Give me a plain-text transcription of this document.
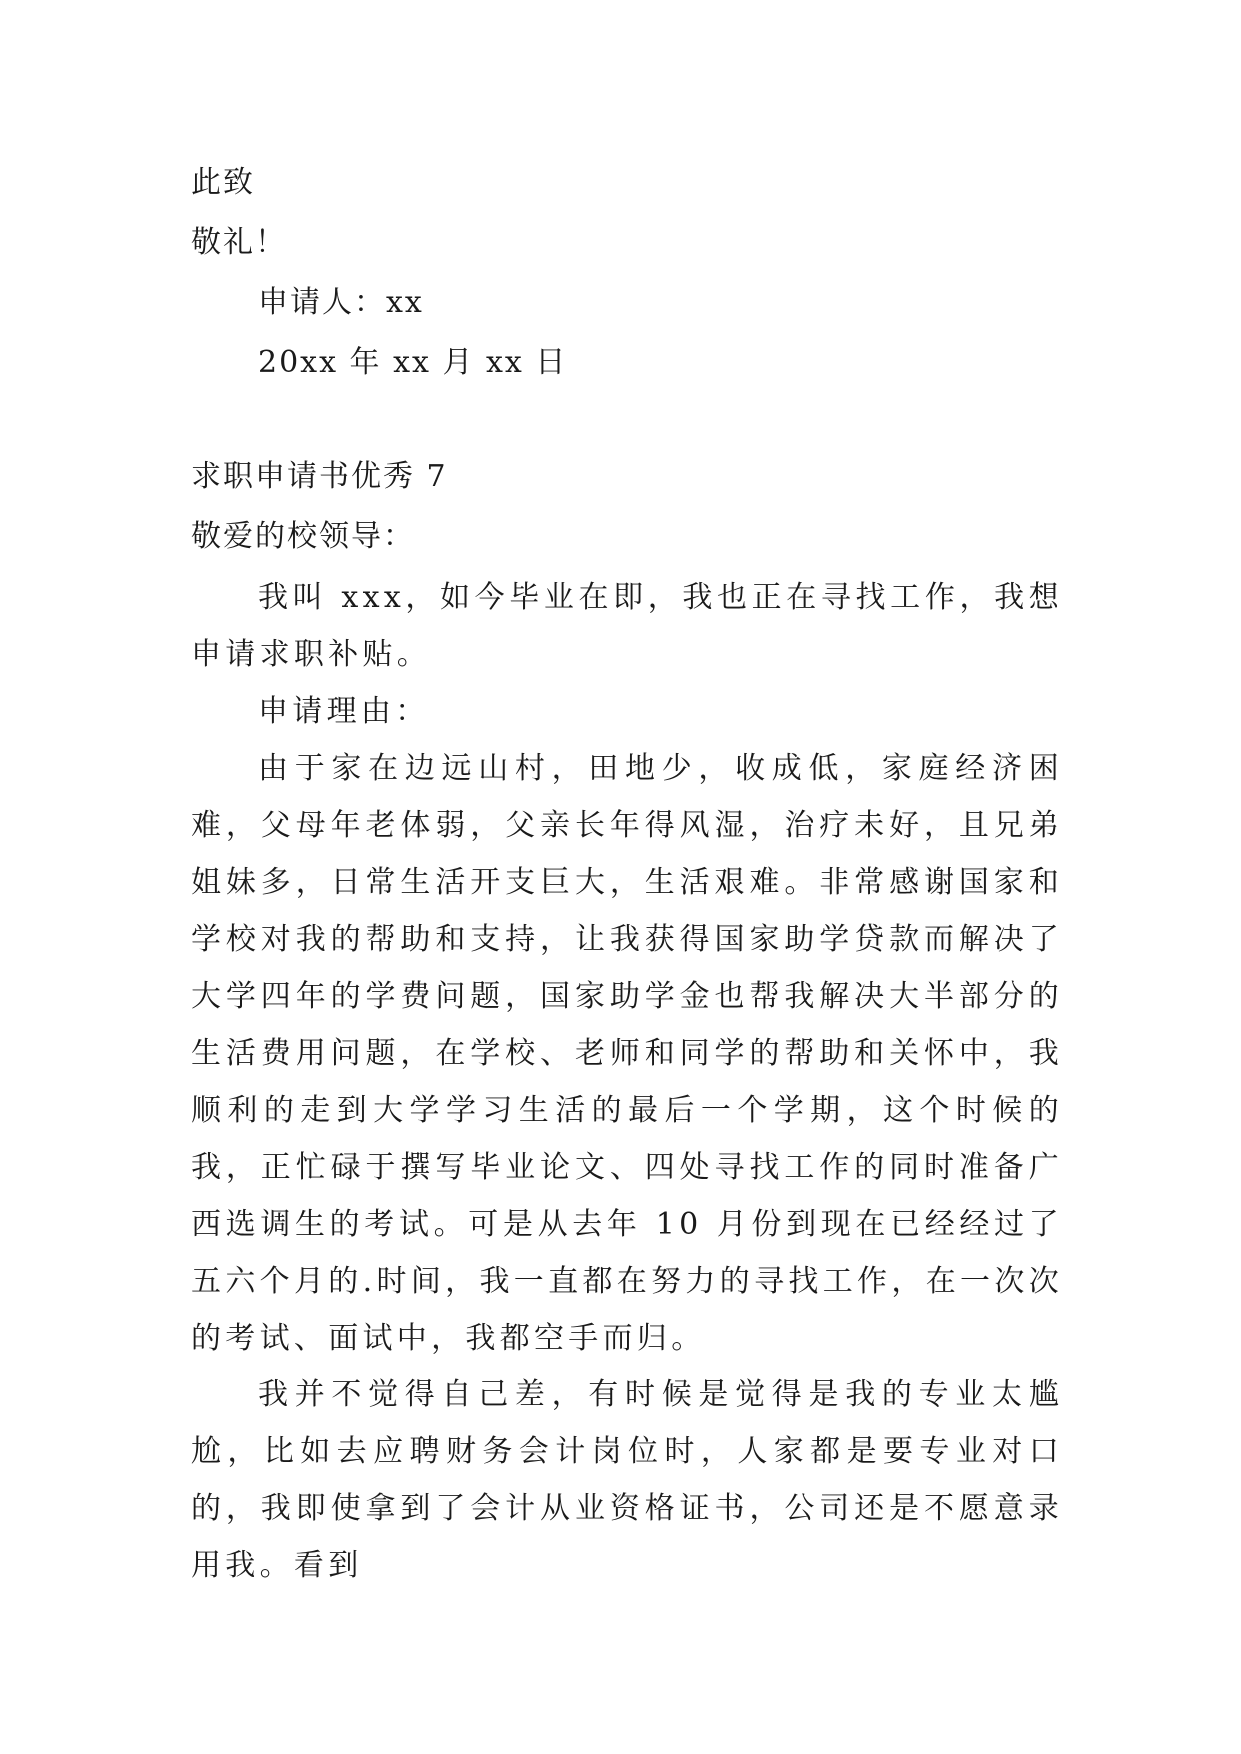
此致
敬礼！
申请人：xx
20xx 年 xx 月 xx 日
求职申请书优秀 7
敬爱的校领导：

我叫 xxx，如今毕业在即，我也正在寻找工作，我想申请求职补贴。

申请理由：

由于家在边远山村，田地少，收成低，家庭经济困难，父母年老体弱，父亲长年得风湿，治疗未好，且兄弟姐妹多，日常生活开支巨大，生活艰难。非常感谢国家和学校对我的帮助和支持，让我获得国家助学贷款而解决了大学四年的学费问题，国家助学金也帮我解决大半部分的生活费用问题，在学校、老师和同学的帮助和关怀中，我顺利的走到大学学习生活的最后一个学期，这个时候的我，正忙碌于撰写毕业论文、四处寻找工作的同时准备广西选调生的考试。可是从去年 10 月份到现在已经经过了五六个月的.时间，我一直都在努力的寻找工作，在一次次的考试、面试中，我都空手而归。

我并不觉得自己差，有时候是觉得是我的专业太尴尬，比如去应聘财务会计岗位时，人家都是要专业对口的，我即使拿到了会计从业资格证书，公司还是不愿意录用我。看到
